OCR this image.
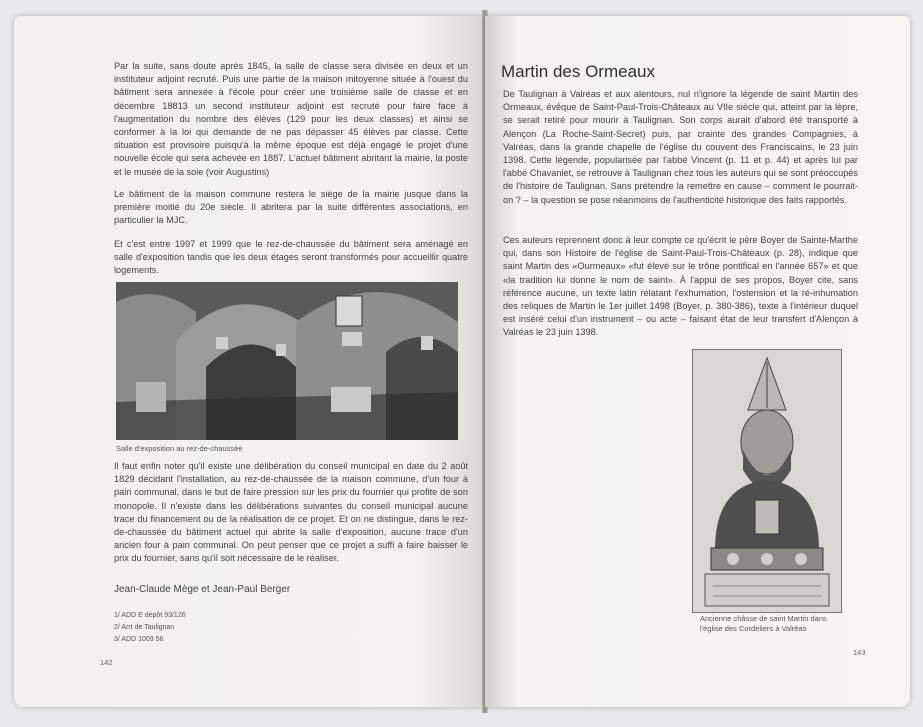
Par la suite, sans doute après 1845, la salle de classe sera divisée en deux et un instituteur adjoint recruté. Puis une partie de la maison mitoyenne située à l'ouest du bâtiment sera annexée à l'école pour créer une troisième salle de classe et en décembre 18813 un second instituteur adjoint est recruté pour faire face à l'augmentation du nombre des élèves (129 pour les deux classes) et ainsi se conformer à la loi qui demande de ne pas dépasser 45 élèves par classe. Cette situation est provisoire puisqu'à la même époque est déjà engagé le projet d'une nouvelle école qui sera achevée en 1887. L'actuel bâtiment abritant la mairie, la poste et le musée de la soie (voir Augustins)

Le bâtiment de la maison commune restera le siège de la mairie jusque dans la première moitié du 20e siècle. Il abritera par la suite différentes associations, en particulier la MJC.

Et c'est entre 1997 et 1999 que le rez-de-chaussée du bâtiment sera aménagé en salle d'exposition tandis que les deux étages seront transformés pour accueillir quatre logements.

Salle d'exposition au rez-de-chaussée

Il faut enfin noter qu'il existe une délibération du conseil municipal en date du 2 août 1829 décidant l'installation, au rez-de-chaussée de la maison commune, d'un four à pain communal, dans le but de faire pression sur les prix du fournier qui profite de son monopole. Il n'existe dans les délibérations suivantes du conseil municipal aucune trace du financement ou de la réalisation de ce projet. Et on ne distingue, dans le rez-de-chaussée du bâtiment actuel qui abrite la salle d'exposition, aucune trace d'un ancien four à pain communal. On peut penser que ce projet a suffi à faire baisser le prix du fournier, sans qu'il soit nécessaire de le réaliser.

Jean-Claude Mège et Jean-Paul Berger

1/ ADD E dépôt 93/126
2/ Arrt de Taulignan
3/ ADD 1009 56

142

Martin des Ormeaux

De Taulignan à Valréas et aux alentours, nul n'ignore la légende de saint Martin des Ormeaux, évêque de Saint-Paul-Trois-Châteaux au VIIe siècle qui, atteint par la lèpre, se serait retiré pour mourir à Taulignan. Son corps aurait d'abord été transporté à Alençon (La Roche-Saint-Secret) puis, par crainte des grandes Compagnies, à Valréas, dans la grande chapelle de l'église du couvent des Franciscains, le 23 juin 1398. Cette légende, popularisée par l'abbé Vincent (p. 11 et p. 44) et après lui par l'abbé Chavaniet, se retrouve à Taulignan chez tous les auteurs qui se sont préoccupés de l'histoire de Taulignan. Sans prétendre la remettre en cause – comment le pourrait-on ? – la question se pose néanmoins de l'authenticité historique des faits rapportés.

Ces auteurs reprennent donc à leur compte ce qu'écrit le père Boyer de Sainte-Marthe qui, dans son Histoire de l'église de Saint-Paul-Trois-Châteaux (p. 28), indique que saint Martin des «Ourmeaux» «fut élevé sur le trône pontifical en l'année 657» et que «la tradition lui donne le nom de saint». À l'appui de ses propos, Boyer cite, sans référence aucune, un texte latin relatant l'exhumation, l'ostension et la ré-inhumation des reliques de Martin le 1er juillet 1498 (Boyer, p. 380-386), texte à l'intérieur duquel est inséré celui d'un instrument – ou acte – faisant état de leur transfert d'Alençon à Valréas le 23 juin 1398.

Ancienne châsse de saint Martin dans

l'église des Cordeliers à Valréas

143
